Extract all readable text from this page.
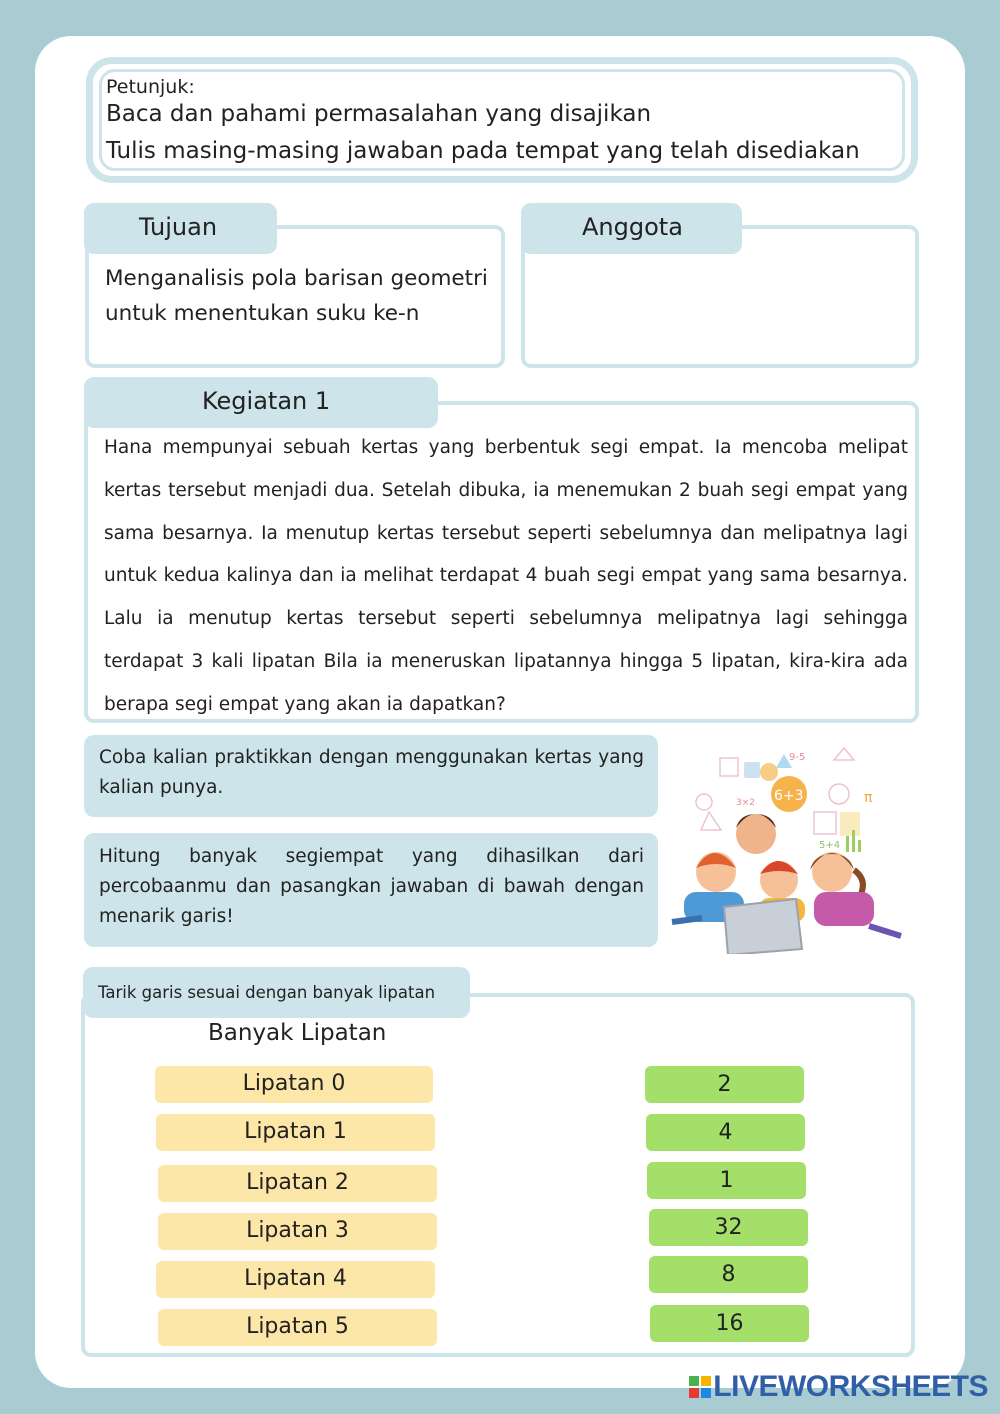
Petunjuk:
Baca dan pahami permasalahan yang disajikan
Tulis masing-masing jawaban pada tempat yang telah disediakan
Tujuan
Menganalisis pola barisan geometri
untuk menentukan suku ke-n
Anggota
Kegiatan 1
Hana mempunyai sebuah kertas yang berbentuk segi empat. Ia mencoba melipat kertas tersebut menjadi dua. Setelah dibuka, ia menemukan 2 buah segi empat yang sama besarnya. Ia menutup kertas tersebut seperti sebelumnya dan melipatnya lagi untuk kedua kalinya dan ia melihat terdapat 4 buah segi empat yang sama besarnya. Lalu ia menutup kertas tersebut seperti sebelumnya melipatnya lagi sehingga terdapat 3 kali lipatan Bila ia meneruskan lipatannya hingga 5 lipatan, kira-kira ada berapa segi empat yang akan ia dapatkan?
Coba kalian praktikkan dengan menggunakan kertas yang kalian punya.
Hitung banyak segiempat yang dihasilkan dari percobaanmu dan pasangkan jawaban di bawah dengan menarik garis!
9-5
3×2	π
5+4
6+3
Tarik garis sesuai dengan banyak lipatan
Banyak Lipatan
Lipatan 0
Lipatan 1
Lipatan 2
Lipatan 3
Lipatan 4
Lipatan 5
2
4
1
32
8
16
LIVEWORKSHEETS
